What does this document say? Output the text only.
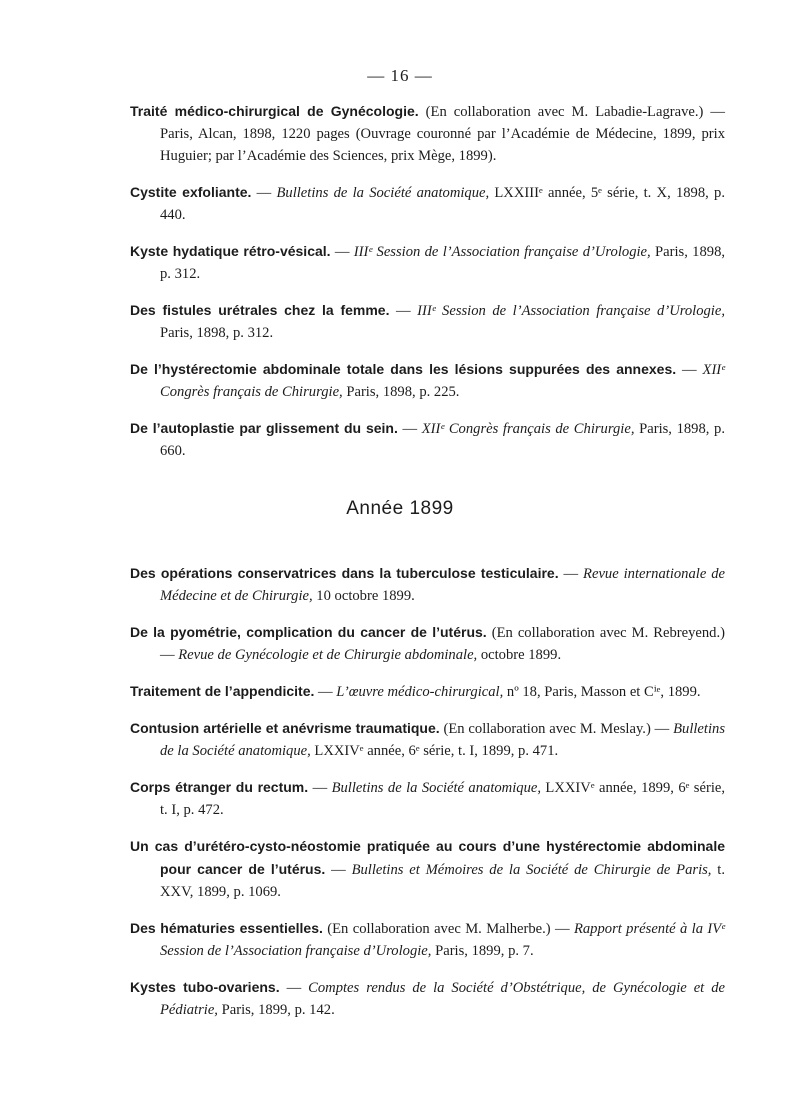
— 16 —

Traité médico-chirurgical de Gynécologie. (En collaboration avec M. Labadie-Lagrave.) — Paris, Alcan, 1898, 1220 pages (Ouvrage couronné par l’Académie de Médecine, 1899, prix Huguier; par l’Académie des Sciences, prix Mège, 1899).

Cystite exfoliante. — Bulletins de la Société anatomique, LXXIIIᵉ année, 5ᵉ série, t. X, 1898, p. 440.

Kyste hydatique rétro-vésical. — IIIᵉ Session de l’Association française d’Urologie, Paris, 1898, p. 312.

Des fistules urétrales chez la femme. — IIIᵉ Session de l’Association française d’Urologie, Paris, 1898, p. 312.

De l’hystérectomie abdominale totale dans les lésions suppurées des annexes. — XIIᵉ Congrès français de Chirurgie, Paris, 1898, p. 225.

De l’autoplastie par glissement du sein. — XIIᵉ Congrès français de Chirurgie, Paris, 1898, p. 660.

Année 1899

Des opérations conservatrices dans la tuberculose testiculaire. — Revue internationale de Médecine et de Chirurgie, 10 octobre 1899.

De la pyométrie, complication du cancer de l’utérus. (En collaboration avec M. Rebreyend.) — Revue de Gynécologie et de Chirurgie abdominale, octobre 1899.

Traitement de l’appendicite. — L’œuvre médico-chirurgical, nº 18, Paris, Masson et Cⁱᵉ, 1899.

Contusion artérielle et anévrisme traumatique. (En collaboration avec M. Meslay.) — Bulletins de la Société anatomique, LXXIVᵉ année, 6ᵉ série, t. I, 1899, p. 471.

Corps étranger du rectum. — Bulletins de la Société anatomique, LXXIVᵉ année, 1899, 6ᵉ série, t. I, p. 472.

Un cas d’urétéro-cysto-néostomie pratiquée au cours d’une hystérectomie abdominale pour cancer de l’utérus. — Bulletins et Mémoires de la Société de Chirurgie de Paris, t. XXV, 1899, p. 1069.

Des hématuries essentielles. (En collaboration avec M. Malherbe.) — Rapport présenté à la IVᵉ Session de l’Association française d’Urologie, Paris, 1899, p. 7.

Kystes tubo-ovariens. — Comptes rendus de la Société d’Obstétrique, de Gynécologie et de Pédiatrie, Paris, 1899, p. 142.
